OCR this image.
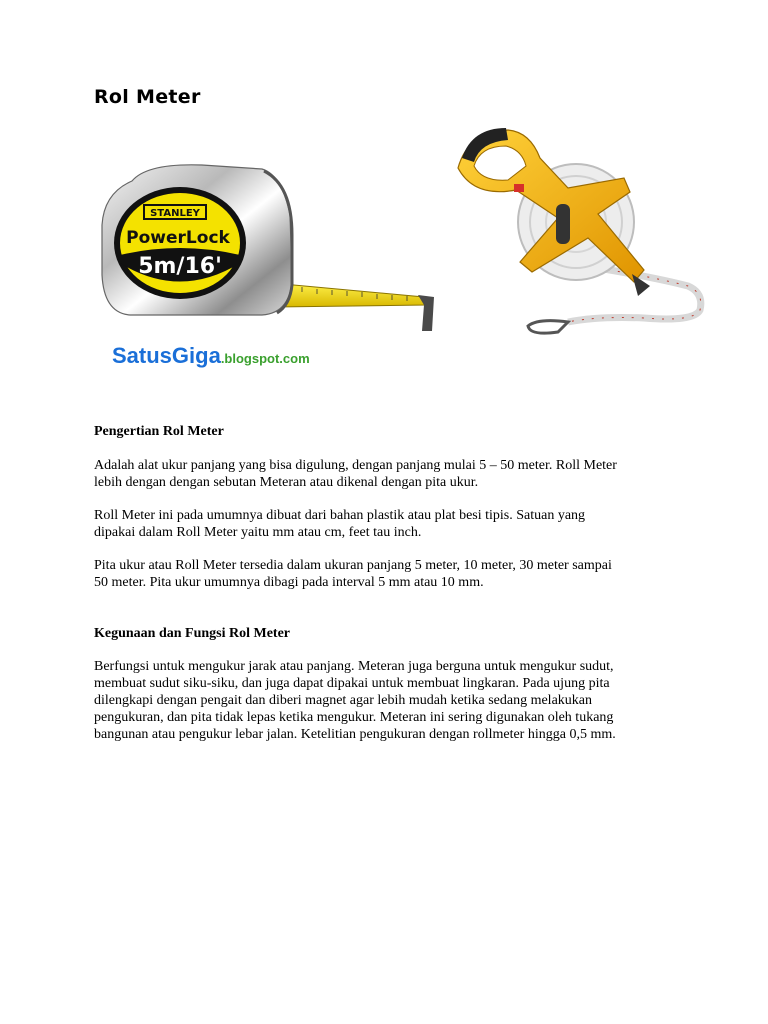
Rol Meter
STANLEY
PowerLock
5m/16'
SatusGiga.blogspot.com

Pengertian Rol Meter

Adalah alat ukur panjang yang bisa digulung, dengan panjang mulai 5 – 50 meter. Roll Meter
lebih dengan dengan sebutan Meteran atau dikenal dengan pita ukur.
Roll Meter ini pada umumnya dibuat dari bahan plastik atau plat besi tipis. Satuan yang
dipakai dalam Roll Meter yaitu mm atau cm, feet tau inch.
Pita ukur atau Roll Meter tersedia dalam ukuran panjang 5 meter, 10 meter, 30 meter sampai
50 meter. Pita ukur umumnya dibagi pada interval 5 mm atau 10 mm.

Kegunaan dan Fungsi Rol Meter

Berfungsi untuk mengukur jarak atau panjang. Meteran juga berguna untuk mengukur sudut,
membuat sudut siku-siku, dan juga dapat dipakai untuk membuat lingkaran. Pada ujung pita
dilengkapi dengan pengait dan diberi magnet agar lebih mudah ketika sedang melakukan
pengukuran, dan pita tidak lepas ketika mengukur. Meteran ini sering digunakan oleh tukang
bangunan atau pengukur lebar jalan. Ketelitian pengukuran dengan rollmeter hingga 0,5 mm.
